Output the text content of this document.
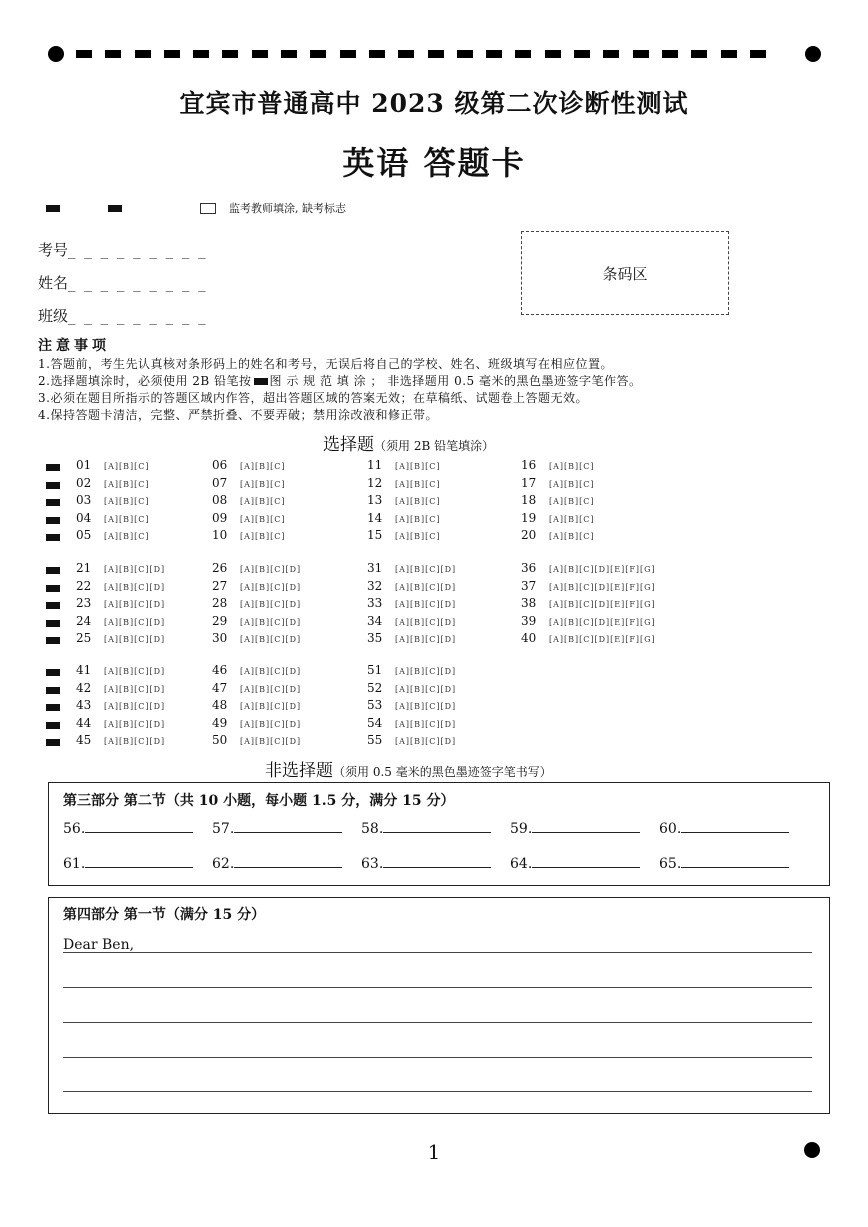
宜宾市普通高中 2023 级第二次诊断性测试
英语 答题卡
监考教师填涂, 缺考标志
考号_ _ _ _ _ _ _ _ _
姓名_ _ _ _ _ _ _ _ _
班级_ _ _ _ _ _ _ _ _
条码区
注意事项
1.答题前，考生先认真核对条形码上的姓名和考号，无误后将自己的学校、姓名、班级填写在相应位置。
2.选择题填涂时，必须使用 2B 铅笔按 图 示 规 范 填 涂 ； 非选择题用 0.5 毫米的黑色墨迹签字笔作答。
3.必须在题目所指示的答题区域内作答，超出答题区域的答案无效；在草稿纸、试题卷上答题无效。
4.保持答题卡清洁，完整、严禁折叠、不要弄破；禁用涂改液和修正带。
选择题（须用 2B 铅笔填涂）
01 [A][B][C]
02 [A][B][C]
03 [A][B][C]
04 [A][B][C]
05 [A][B][C]
06 [A][B][C]
07 [A][B][C]
08 [A][B][C]
09 [A][B][C]
10 [A][B][C]
11 [A][B][C]
12 [A][B][C]
13 [A][B][C]
14 [A][B][C]
15 [A][B][C]
16 [A][B][C]
17 [A][B][C]
18 [A][B][C]
19 [A][B][C]
20 [A][B][C]
21 [A][B][C][D]
22 [A][B][C][D]
23 [A][B][C][D]
24 [A][B][C][D]
25 [A][B][C][D]
26 [A][B][C][D]
27 [A][B][C][D]
28 [A][B][C][D]
29 [A][B][C][D]
30 [A][B][C][D]
31 [A][B][C][D]
32 [A][B][C][D]
33 [A][B][C][D]
34 [A][B][C][D]
35 [A][B][C][D]
36 [A][B][C][D][E][F][G]
37 [A][B][C][D][E][F][G]
38 [A][B][C][D][E][F][G]
39 [A][B][C][D][E][F][G]
40 [A][B][C][D][E][F][G]
41 [A][B][C][D]
42 [A][B][C][D]
43 [A][B][C][D]
44 [A][B][C][D]
45 [A][B][C][D]
46 [A][B][C][D]
47 [A][B][C][D]
48 [A][B][C][D]
49 [A][B][C][D]
50 [A][B][C][D]
51 [A][B][C][D]
52 [A][B][C][D]
53 [A][B][C][D]
54 [A][B][C][D]
55 [A][B][C][D]
非选择题（须用 0.5 毫米的黑色墨迹签字笔书写）
第三部分 第二节（共 10 小题，每小题 1.5 分，满分 15 分）
56.	57.	58.	59.	60.
61.	62.	63.	64.	65.
第四部分 第一节（满分 15 分）
Dear Ben,
1
